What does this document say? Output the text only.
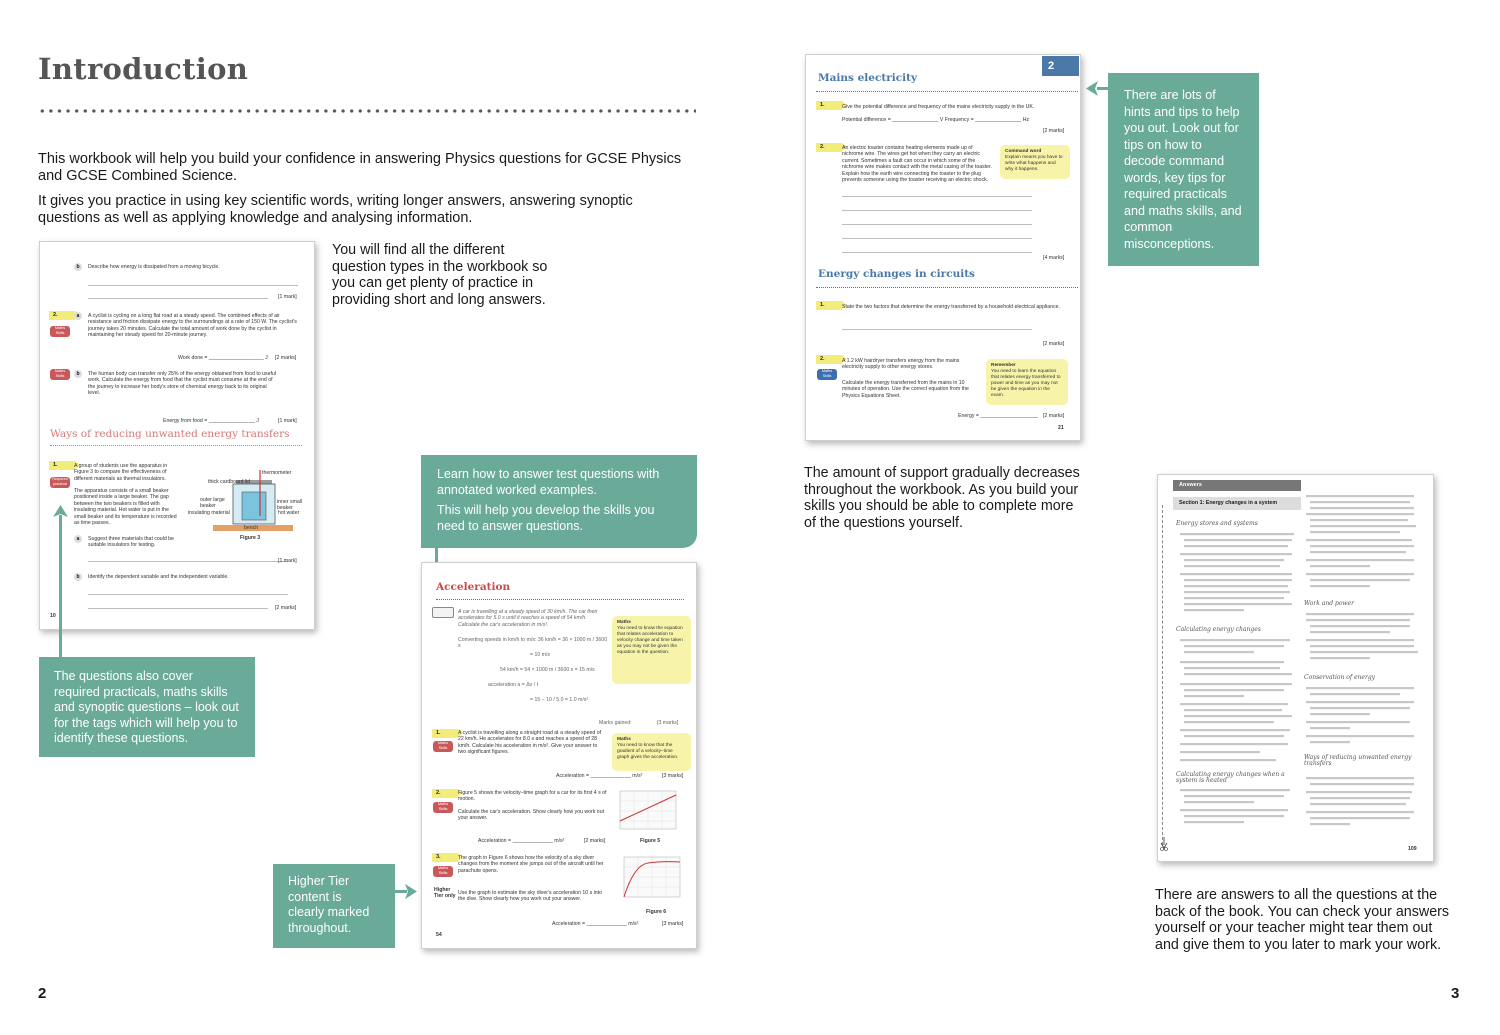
Introduction
This workbook will help you build your confidence in answering Physics questions for GCSE Physics and GCSE Combined Science.
It gives you practice in using key scientific words, writing longer answers, answering synoptic questions as well as applying knowledge and analysing information.
b	Describe how energy is dissipated from a moving bicycle.
[1 mark]
2.	a	A cyclist is cycling on a long flat road at a steady speed. The combined effects of air resistance and friction dissipate energy to the surroundings at a rate of 150 W. The cyclist's journey takes 20 minutes. Calculate the total amount of work done by the cyclist in maintaining her steady speed for 20-minute journey.
Maths Skills
Work done = ___________________ J [2 marks]
Maths Skills	b	The human body can transfer only 25% of the energy obtained from food to useful work. Calculate the energy from food that the cyclist must consume at the end of the journey to increase her body's store of chemical energy back to its original level.
Energy from food = ________________ J	[1 mark]
Ways of reducing unwanted energy transfers
1.
Required practical
A group of students use the apparatus in Figure 3 to compare the effectiveness of different materials as thermal insulators.
The apparatus consists of a small beaker positioned inside a large beaker. The gap between the two beakers is filled with insulating material. Hot water is put in the small beaker and its temperature is recorded as time passes.
thick cardboard lid
thermometer
outer large beaker
inner small beaker
insulating material	hot water
bench
Figure 3
a	Suggest three materials that could be suitable insulators for testing.
[1 mark]
b	Identify the dependent variable and the independent variable.
[2 marks]
10
You will find all the different question types in the workbook so you can get plenty of practice in providing short and long answers.
The questions also cover required practicals, maths skills and synoptic questions – look out for the tags which will help you to identify these questions.
Learn how to answer test questions with annotated worked examples.
This will help you develop the skills you need to answer questions.
Higher Tier content is clearly marked throughout.
Acceleration
A car is travelling at a steady speed of 30 km/h. The car then accelerates for 5.0 s until it reaches a speed of 54 km/h. Calculate the car's acceleration in m/s².
Converting speeds in km/h to m/s: 36 km/h = 36 × 1000 m / 3600 s
= 10 m/s
54 km/h = 54 × 1000 m / 3600 s = 15 m/s
acceleration a = Δv / t
= 15 − 10 / 5.0 = 1.0 m/s²
Marks gained:	[3 marks]
Maths
You need to know the equation that relates acceleration to velocity change and time taken as you may not be given the equation in the question.
1.
Maths Skills
A cyclist is travelling along a straight road at a steady speed of 22 km/h. He accelerates for 8.0 s and reaches a speed of 28 km/h. Calculate his acceleration in m/s². Give your answer to two significant figures.
Maths
You need to know that the gradient of a velocity–time graph gives the acceleration.
Acceleration = ______________ m/s²	[3 marks]
2.
Maths Skills
Figure 5 shows the velocity–time graph for a car for its first 4 s of motion.
Calculate the car's acceleration. Show clearly how you work out your answer.
Figure 5
Acceleration = ______________ m/s²	[2 marks]
3.
Maths Skills
Higher Tier only
The graph in Figure 6 shows how the velocity of a sky diver changes from the moment she jumps out of the aircraft until her parachute opens.
Use the graph to estimate the sky diver's acceleration 10 s into the dive. Show clearly how you work out your answer.
Figure 6
Acceleration = ______________ m/s²	[3 marks]
54
2
Mains electricity
1.	Give the potential difference and frequency of the mains electricity supply in the UK.
Potential difference = ________________ V Frequency = ________________ Hz
[2 marks]
2.	An electric toaster contains heating elements made up of nichrome wire. The wires get hot when they carry an electric current. Sometimes a fault can occur in which some of the nichrome wire makes contact with the metal casing of the toaster. Explain how the earth wire connecting the toaster to the plug prevents someone using the toaster receiving an electric shock.
Command word
Explain means you have to write what happens and why it happens.
[4 marks]
Energy changes in circuits
1.	State the two factors that determine the energy transferred by a household electrical appliance.
[2 marks]
2.
Maths Skills
A 1.2 kW hairdryer transfers energy from the mains electricity supply to other energy stores.
Calculate the energy transferred from the mains in 10 minutes of operation. Use the correct equation from the Physics Equations Sheet.
Remember
You need to learn the equation that relates energy transferred to power and time as you may not be given the equation in the exam.
Energy = ____________________ [2 marks]
21
There are lots of hints and tips to help you out. Look out for tips on how to decode command words, key tips for required practicals and maths skills, and common misconceptions.
The amount of support gradually decreases throughout the workbook. As you build your skills you should be able to complete more of the questions yourself.
Answers
Section 1: Energy changes in a system
Energy stores and systems
Calculating energy changes
Calculating energy changes when a system is heated
Work and power
Conservation of energy
Ways of reducing unwanted energy transfers
109
There are answers to all the questions at the back of the book. You can check your answers yourself or your teacher might tear them out and give them to you later to mark your work.
2	3
